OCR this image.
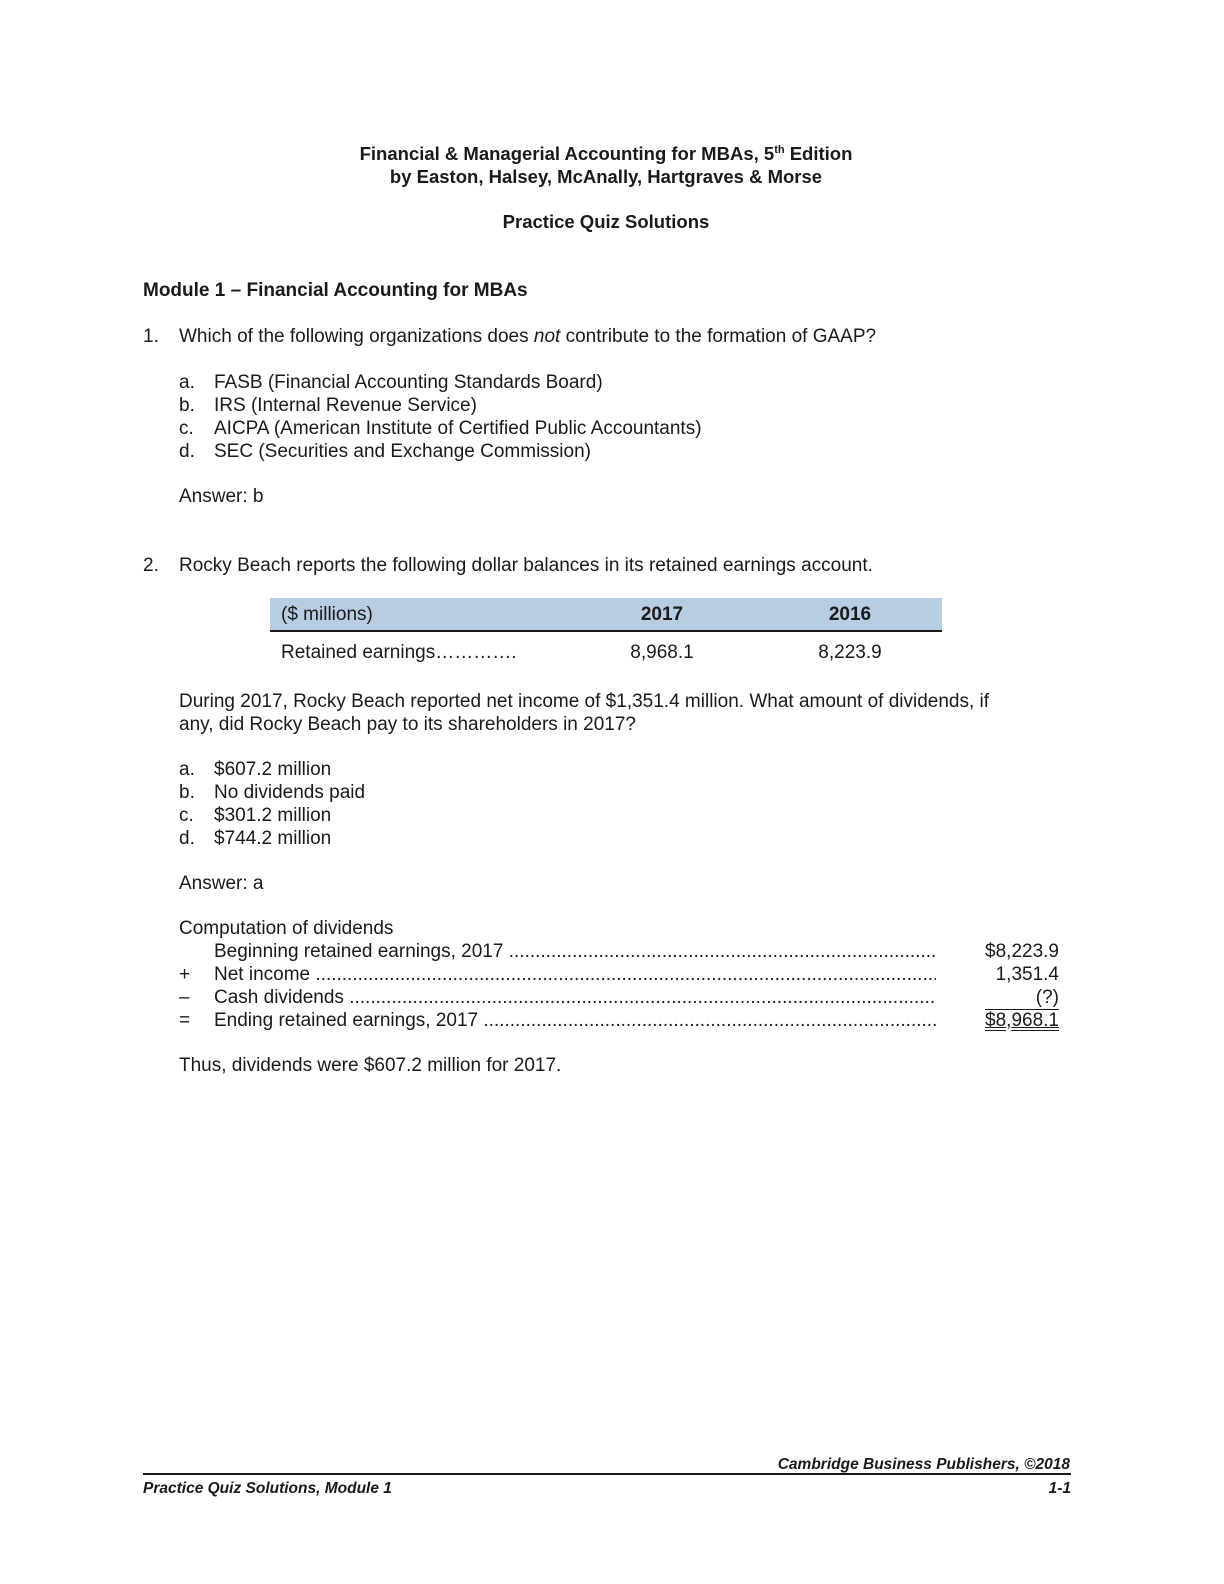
Financial & Managerial Accounting for MBAs, 5th Edition
by Easton, Halsey, McAnally, Hartgraves & Morse
Practice Quiz Solutions
Module 1 – Financial Accounting for MBAs
1. Which of the following organizations does not contribute to the formation of GAAP?
a. FASB (Financial Accounting Standards Board)
b. IRS (Internal Revenue Service)
c. AICPA (American Institute of Certified Public Accountants)
d. SEC (Securities and Exchange Commission)
Answer: b
2. Rocky Beach reports the following dollar balances in its retained earnings account.
($ millions)	2017	2016
Retained earnings………….	8,968.1	8,223.9
During 2017, Rocky Beach reported net income of $1,351.4 million. What amount of dividends, if
any, did Rocky Beach pay to its shareholders in 2017?
a. $607.2 million
b. No dividends paid
c. $301.2 million
d. $744.2 million
Answer: a
Computation of dividends
Beginning retained earnings, 2017 .....	$8,223.9
+	Net income .....	1,351.4
–	Cash dividends .....	(?)
=	Ending retained earnings, 2017 .....	$8,968.1
Thus, dividends were $607.2 million for 2017.
Cambridge Business Publishers, ©2018
Practice Quiz Solutions, Module 1	1-1
